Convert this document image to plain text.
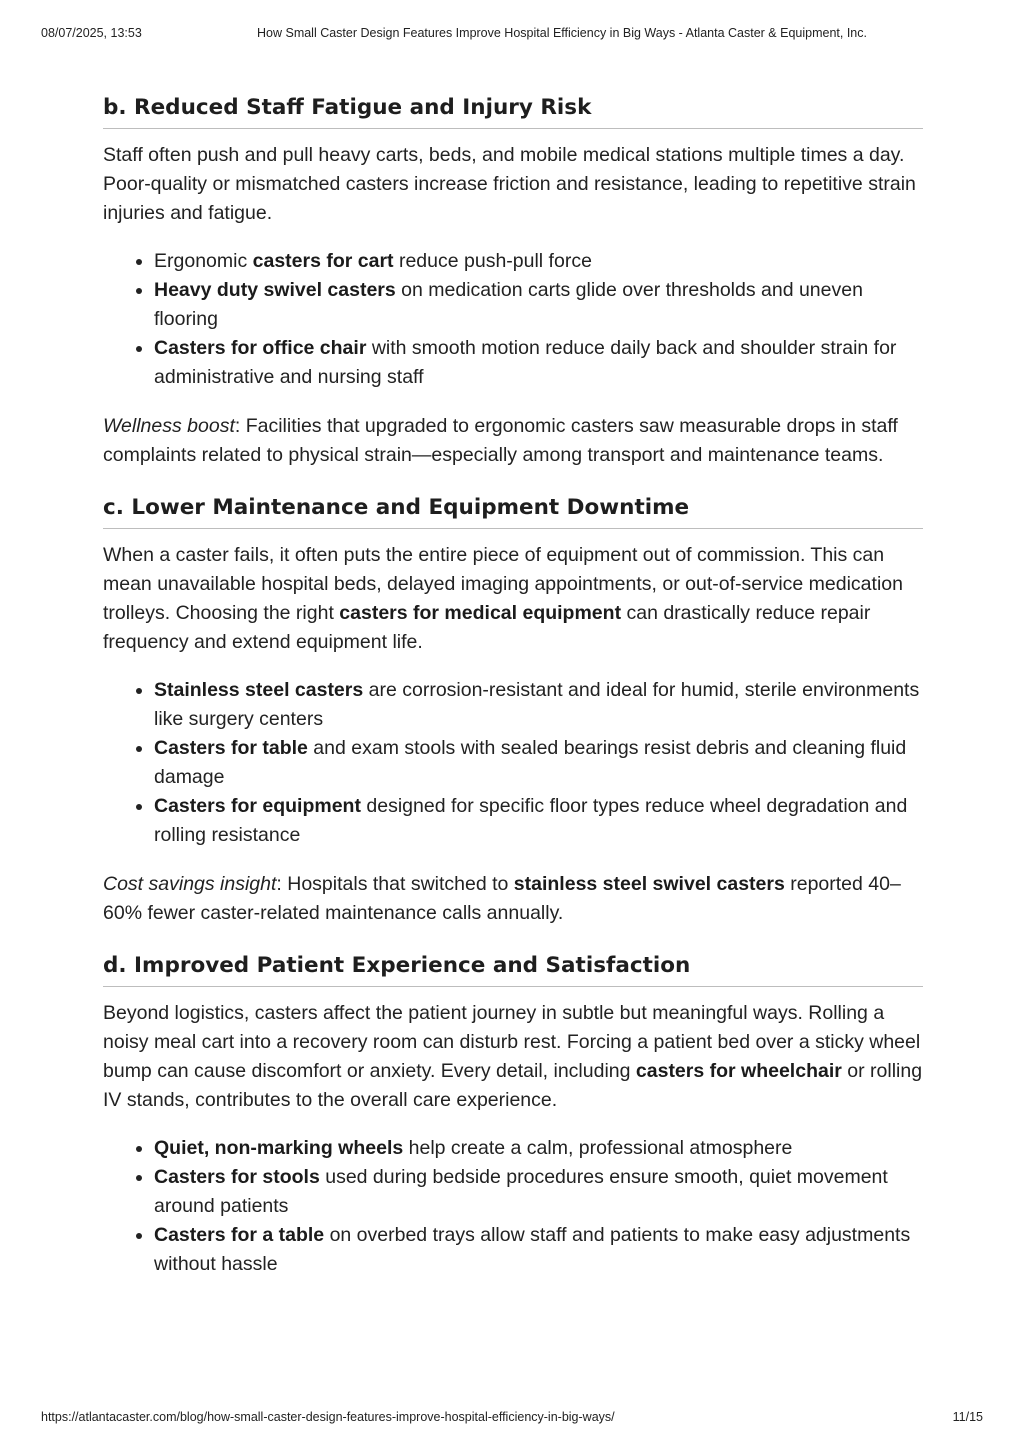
08/07/2025, 13:53	How Small Caster Design Features Improve Hospital Efficiency in Big Ways - Atlanta Caster & Equipment, Inc.
b. Reduced Staff Fatigue and Injury Risk

Staff often push and pull heavy carts, beds, and mobile medical stations multiple times a day. Poor-quality or mismatched casters increase friction and resistance, leading to repetitive strain injuries and fatigue.

• Ergonomic casters for cart reduce push-pull force
• Heavy duty swivel casters on medication carts glide over thresholds and uneven flooring
• Casters for office chair with smooth motion reduce daily back and shoulder strain for administrative and nursing staff

Wellness boost: Facilities that upgraded to ergonomic casters saw measurable drops in staff complaints related to physical strain—especially among transport and maintenance teams.

c. Lower Maintenance and Equipment Downtime

When a caster fails, it often puts the entire piece of equipment out of commission. This can mean unavailable hospital beds, delayed imaging appointments, or out-of-service medication trolleys. Choosing the right casters for medical equipment can drastically reduce repair frequency and extend equipment life.

• Stainless steel casters are corrosion-resistant and ideal for humid, sterile environments like surgery centers
• Casters for table and exam stools with sealed bearings resist debris and cleaning fluid damage
• Casters for equipment designed for specific floor types reduce wheel degradation and rolling resistance

Cost savings insight: Hospitals that switched to stainless steel swivel casters reported 40–60% fewer caster-related maintenance calls annually.

d. Improved Patient Experience and Satisfaction

Beyond logistics, casters affect the patient journey in subtle but meaningful ways. Rolling a noisy meal cart into a recovery room can disturb rest. Forcing a patient bed over a sticky wheel bump can cause discomfort or anxiety. Every detail, including casters for wheelchair or rolling IV stands, contributes to the overall care experience.

• Quiet, non-marking wheels help create a calm, professional atmosphere
• Casters for stools used during bedside procedures ensure smooth, quiet movement around patients
• Casters for a table on overbed trays allow staff and patients to make easy adjustments without hassle
https://atlantacaster.com/blog/how-small-caster-design-features-improve-hospital-efficiency-in-big-ways/	11/15
